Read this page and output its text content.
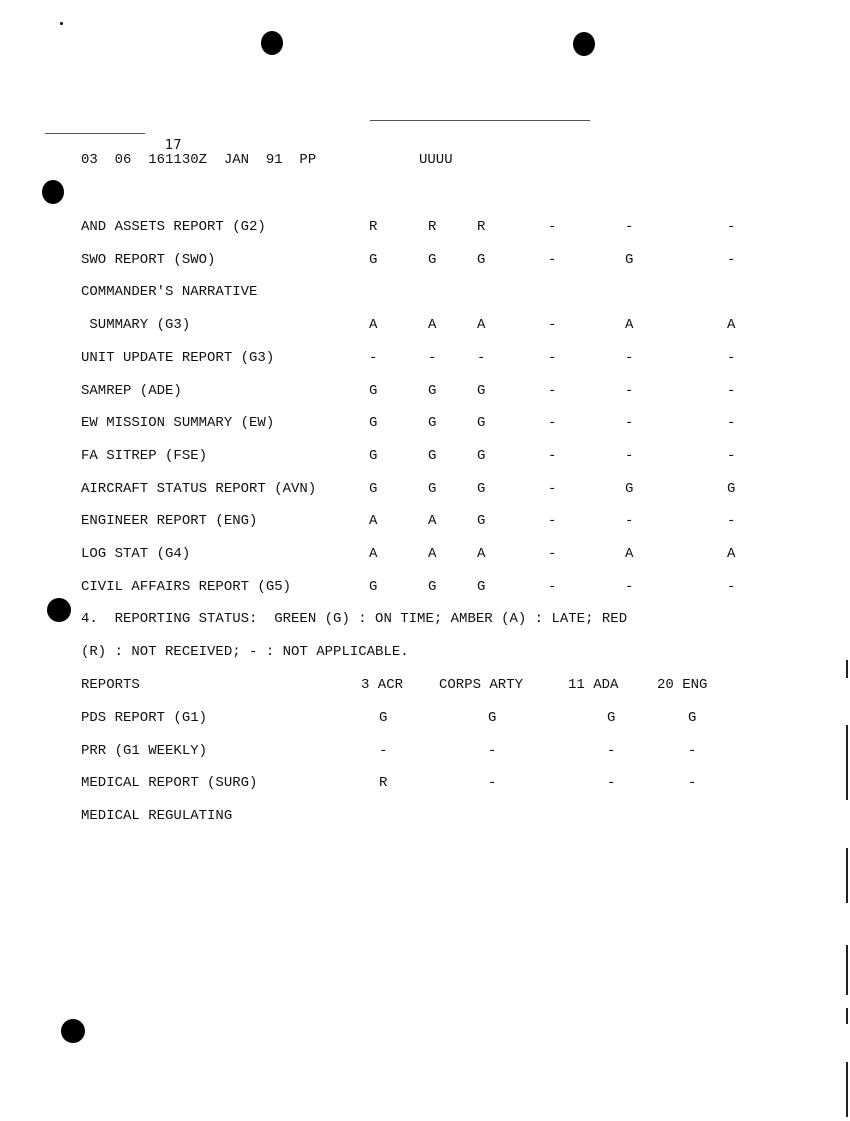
17
03  06  161130Z  JAN  91  PP	UUUU
AND ASSETS REPORT (G2)	R	R	R	-	-	-
SWO REPORT (SWO)	G	G	G	-	G	-
COMMANDER'S NARRATIVE
SUMMARY (G3)	A	A	A	-	A	A
UNIT UPDATE REPORT (G3)	-	-	-	-	-	-
SAMREP (ADE)	G	G	G	-	-	-
EW MISSION SUMMARY (EW)	G	G	G	-	-	-
FA SITREP (FSE)	G	G	G	-	-	-
AIRCRAFT STATUS REPORT (AVN)	G	G	G	-	G	G
ENGINEER REPORT (ENG)	A	A	G	-	-	-
LOG STAT (G4)	A	A	A	-	A	A
CIVIL AFFAIRS REPORT (G5)	G	G	G	-	-	-
4.  REPORTING STATUS:  GREEN (G) : ON TIME; AMBER (A) : LATE; RED
(R) : NOT RECEIVED; - : NOT APPLICABLE.
REPORTS	3 ACR	CORPS ARTY	11 ADA	20 ENG
PDS REPORT (G1)	G	G	G	G
PRR (G1 WEEKLY)	-	-	-	-
MEDICAL REPORT (SURG)	R	-	-	-
MEDICAL REGULATING
